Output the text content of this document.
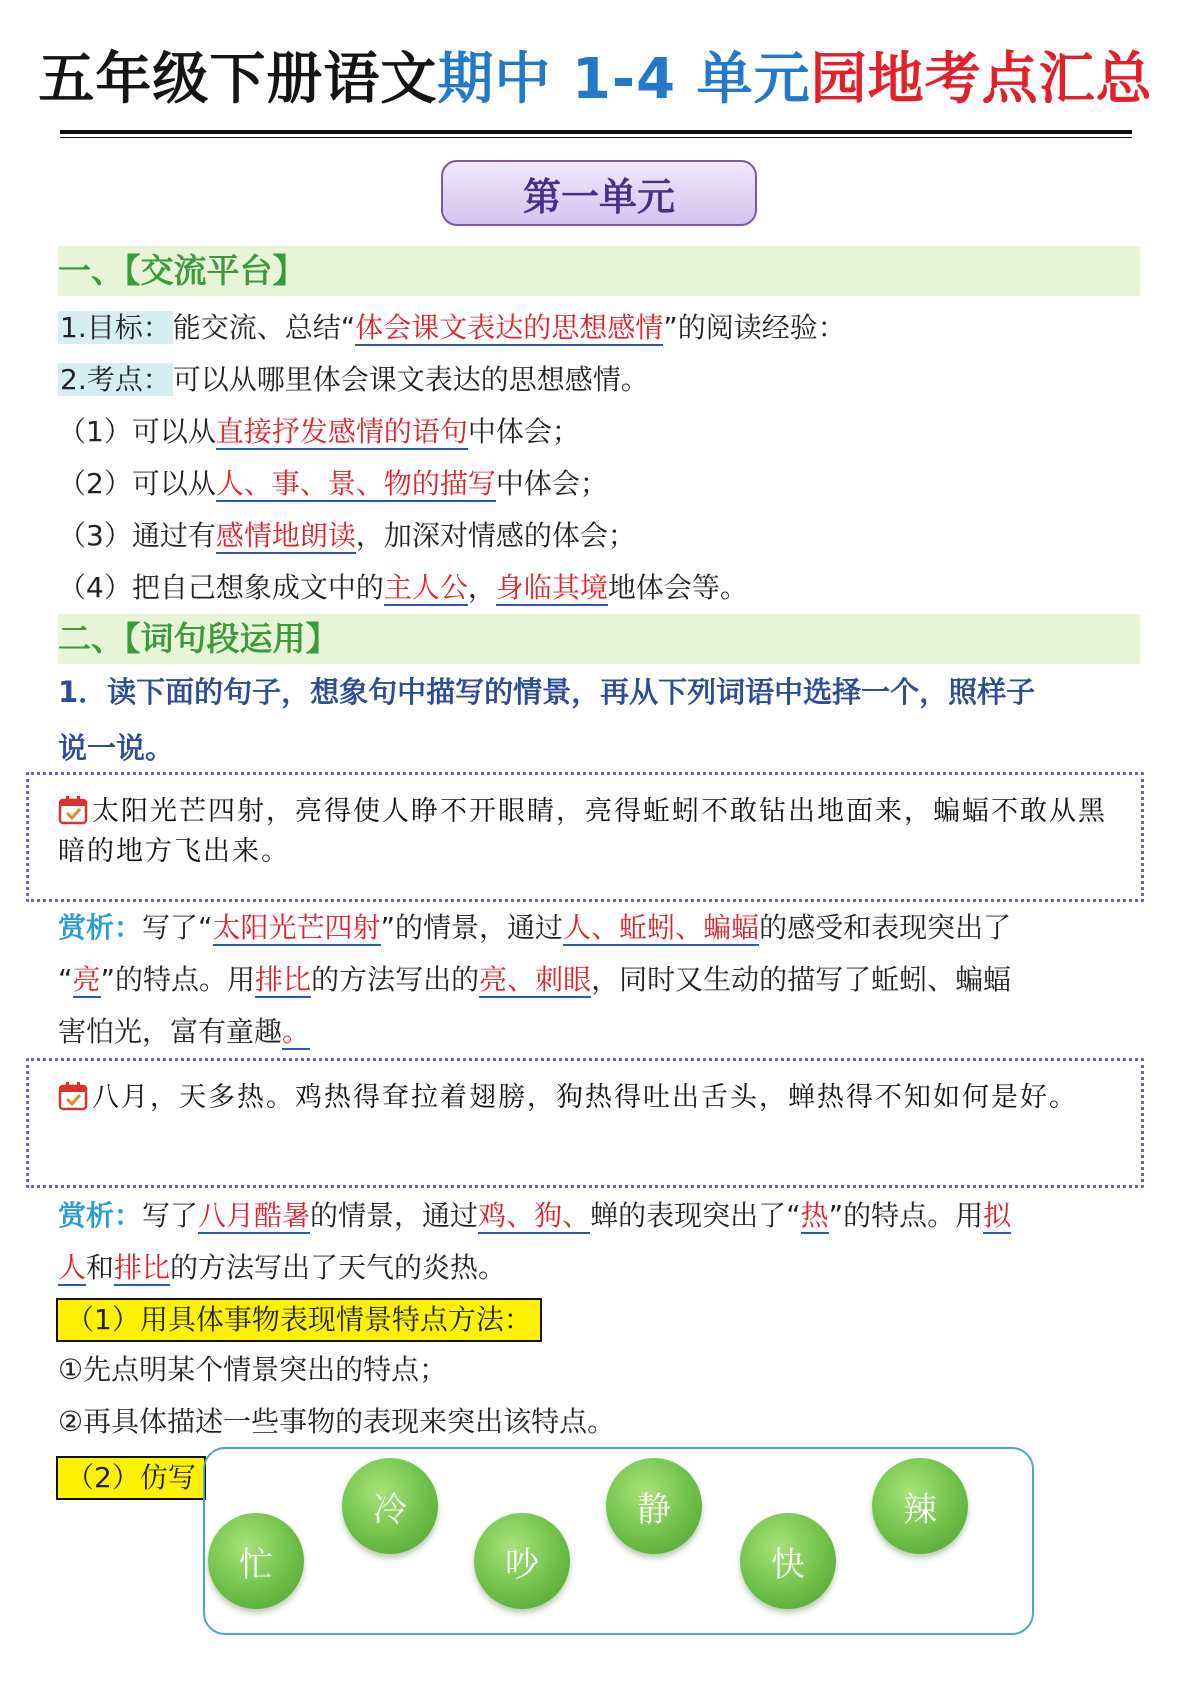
五年级下册语文期中 1-4 单元园地考点汇总
第一单元
一、【交流平台】
1.目标：能交流、总结“体会课文表达的思想感情”的阅读经验：
2.考点：可以从哪里体会课文表达的思想感情。
（1）可以从直接抒发感情的语句中体会；
（2）可以从人、事、景、物的描写中体会；
（3）通过有感情地朗读，加深对情感的体会；
（4）把自己想象成文中的主人公，身临其境地体会等。
二、【词句段运用】
1．读下面的句子，想象句中描写的情景，再从下列词语中选择一个，照样子
说一说。
太阳光芒四射，亮得使人睁不开眼睛，亮得蚯蚓不敢钻出地面来，蝙蝠不敢从黑暗的地方飞出来。
赏析：写了“太阳光芒四射”的情景，通过人、蚯蚓、蝙蝠的感受和表现突出了
“亮”的特点。用排比的方法写出的亮、刺眼，同时又生动的描写了蚯蚓、蝙蝠
害怕光，富有童趣。
八月，天多热。鸡热得耷拉着翅膀，狗热得吐出舌头，蝉热得不知如何是好。
赏析：写了八月酷暑的情景，通过鸡、狗、蝉的表现突出了“热”的特点。用拟
人和排比的方法写出了天气的炎热。
（1）用具体事物表现情景特点方法：
①先点明某个情景突出的特点；
②再具体描述一些事物的表现来突出该特点。
（2）仿写
忙
冷
吵
静
快
辣
